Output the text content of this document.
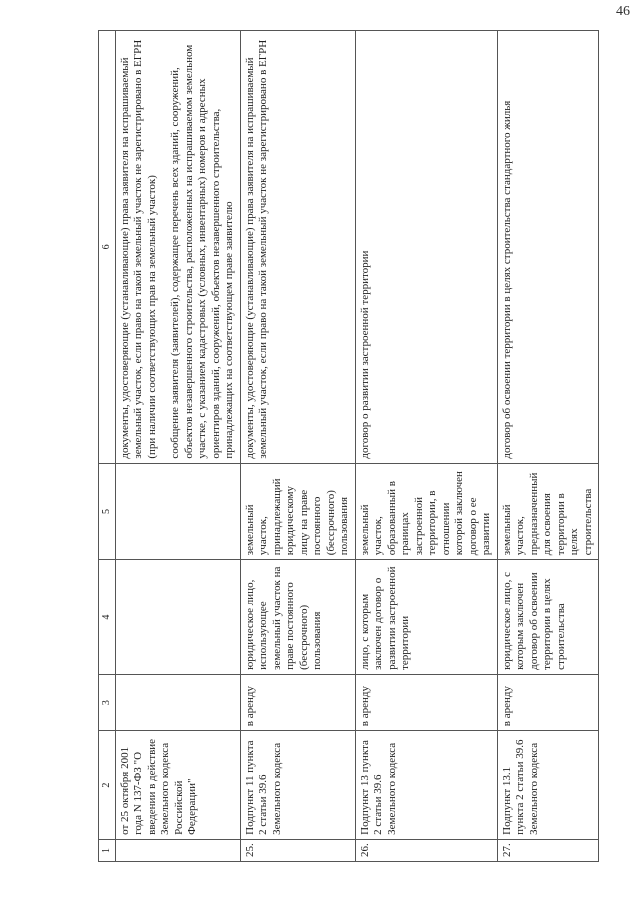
46
1	2	3	4	5	6
	от 25 октября 2001 года N 137-ФЗ "О введении в действие Земельного кодекса Российской Федерации"				документы, удостоверяющие (устанавливающие) права заявителя на испрашиваемый земельный участок, если право на такой земельный участок не зарегистрировано в ЕГРН (при наличии соответствующих прав на земельный участок) сообщение заявителя (заявителей), содержащее перечень всех зданий, сооружений, объектов незавершенного строительства, расположенных на испрашиваемом земельном участке, с указанием кадастровых (условных, инвентарных) номеров и адресных ориентиров зданий, сооружений, объектов незавершенного строительства, принадлежащих на соответствующем праве заявителю
25.	Подпункт 11 пункта 2 статьи 39.6 Земельного кодекса	в аренду	юридическое лицо, использующее земельный участок на праве постоянного (бессрочного) пользования	земельный участок, принадлежащий юридическому лицу на праве постоянного (бессрочного) пользования	документы, удостоверяющие (устанавливающие) права заявителя на испрашиваемый земельный участок, если право на такой земельный участок не зарегистрировано в ЕГРН
26.	Подпункт 13 пункта 2 статьи 39.6 Земельного кодекса	в аренду	лицо, с которым заключен договор о развитии застроенной территории	земельный участок, образованный в границах застроенной территории, в отношении которой заключен договор о ее развитии	договор о развитии застроенной территории
27.	Подпункт 13.1 пункта 2 статьи 39.6 Земельного кодекса	в аренду	юридическое лицо, с которым заключен договор об освоении территории в целях строительства	земельный участок, предназначенный для освоения территории в целях строительства	договор об освоении территории в целях строительства стандартного жилья
